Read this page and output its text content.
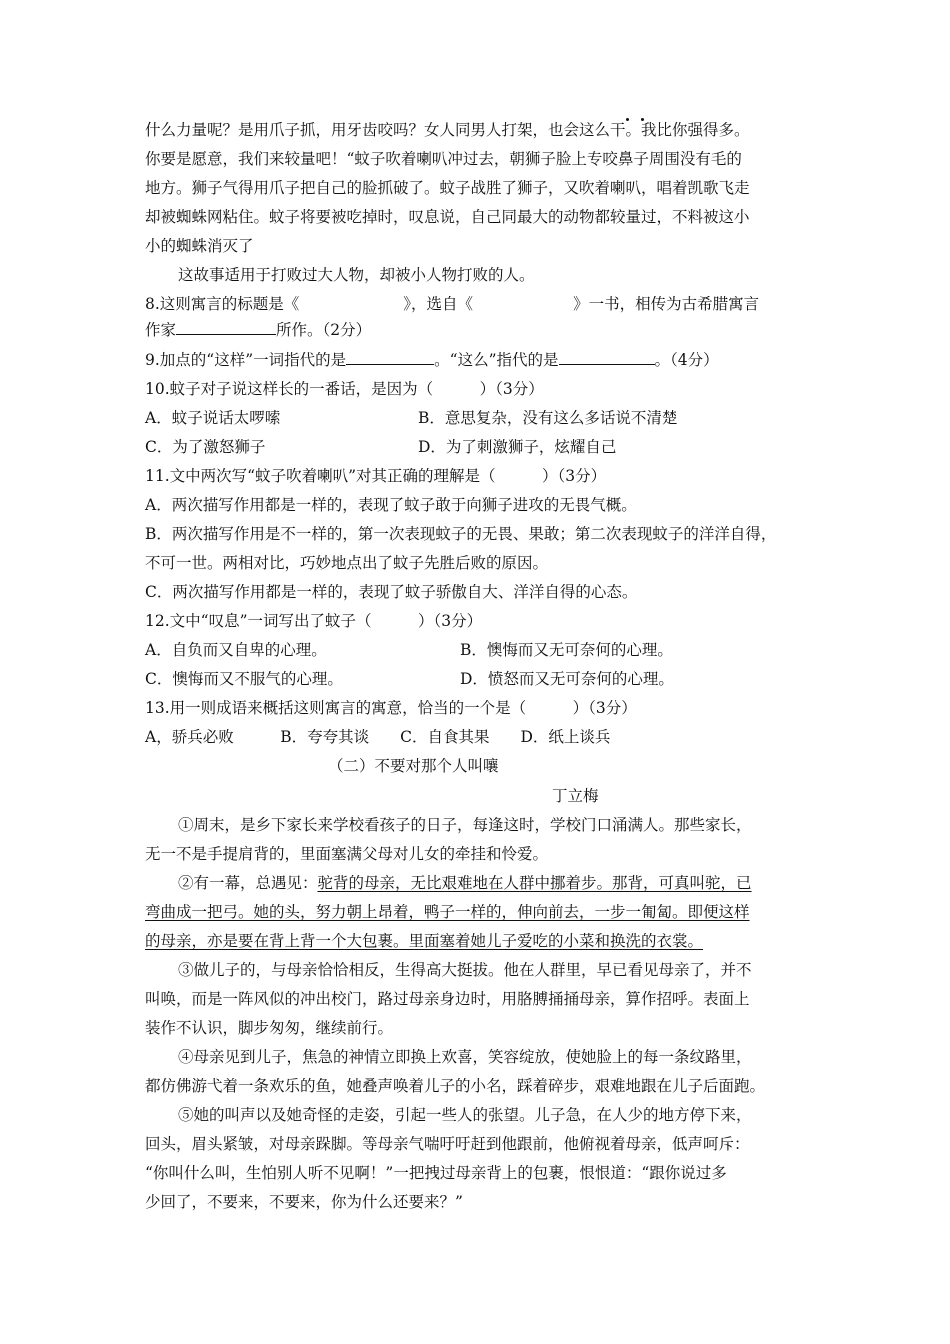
什么力量呢？是用爪子抓，用牙齿咬吗？女人同男人打架，也会这么干。我比你强得多。
你要是愿意，我们来较量吧！“蚊子吹着喇叭冲过去，朝狮子脸上专咬鼻子周围没有毛的
地方。狮子气得用爪子把自己的脸抓破了。蚊子战胜了狮子，又吹着喇叭，唱着凯歌飞走
却被蜘蛛网粘住。蚊子将要被吃掉时，叹息说，自己同最大的动物都较量过，不料被这小
小的蜘蛛消灭了
这故事适用于打败过大人物，却被小人物打败的人。
8.这则寓言的标题是《	》，选自《	》一书，相传为古希腊寓言
作家	所作。（2分）
9.加点的“这样”一词指代的是	。“这么”指代的是	。（4分）
10.蚊子对子说这样长的一番话，是因为（　　　）（3分）
A．蚊子说话太啰嗦	B．意思复杂，没有这么多话说不清楚
C．为了激怒狮子	D．为了刺激狮子，炫耀自己
11.文中两次写“蚊子吹着喇叭”对其正确的理解是（　　　）（3分）
A．两次描写作用都是一样的，表现了蚊子敢于向狮子进攻的无畏气概。
B．两次描写作用是不一样的，第一次表现蚊子的无畏、果敢；第二次表现蚊子的洋洋自得，
不可一世。两相对比，巧妙地点出了蚊子先胜后败的原因。
C．两次描写作用都是一样的，表现了蚊子骄傲自大、洋洋自得的心态。
12.文中“叹息”一词写出了蚊子（　　　）（3分）
A．自负而又自卑的心理。	B．懊悔而又无可奈何的心理。
C．懊悔而又不服气的心理。	D．愤怒而又无可奈何的心理。
13.用一则成语来概括这则寓言的寓意，恰当的一个是（　　　）（3分）
A，骄兵必败　　　B．夸夸其谈　　C．自食其果　　D．纸上谈兵
（二）不要对那个人叫嚷
丁立梅
①周末，是乡下家长来学校看孩子的日子，每逢这时，学校门口涌满人。那些家长，
无一不是手提肩背的，里面塞满父母对儿女的牵挂和怜爱。
②有一幕，总遇见：驼背的母亲，无比艰难地在人群中挪着步。那背，可真叫驼，已
弯曲成一把弓。她的头，努力朝上昂着，鸭子一样的，伸向前去，一步一匍匐。即便这样
的母亲，亦是要在背上背一个大包裹。里面塞着她儿子爱吃的小菜和换洗的衣裳。
③做儿子的，与母亲恰恰相反，生得高大挺拔。他在人群里，早已看见母亲了，并不
叫唤，而是一阵风似的冲出校门，路过母亲身边时，用胳膊捅捅母亲，算作招呼。表面上
装作不认识，脚步匆匆，继续前行。
④母亲见到儿子，焦急的神情立即换上欢喜，笑容绽放，使她脸上的每一条纹路里，
都仿佛游弋着一条欢乐的鱼，她叠声唤着儿子的小名，踩着碎步，艰难地跟在儿子后面跑。
⑤她的叫声以及她奇怪的走姿，引起一些人的张望。儿子急，在人少的地方停下来，
回头，眉头紧皱，对母亲跺脚。等母亲气喘吁吁赶到他跟前，他俯视着母亲，低声呵斥：
“你叫什么叫，生怕别人听不见啊！”一把拽过母亲背上的包裹，恨恨道：“跟你说过多
少回了，不要来，不要来，你为什么还要来？”
